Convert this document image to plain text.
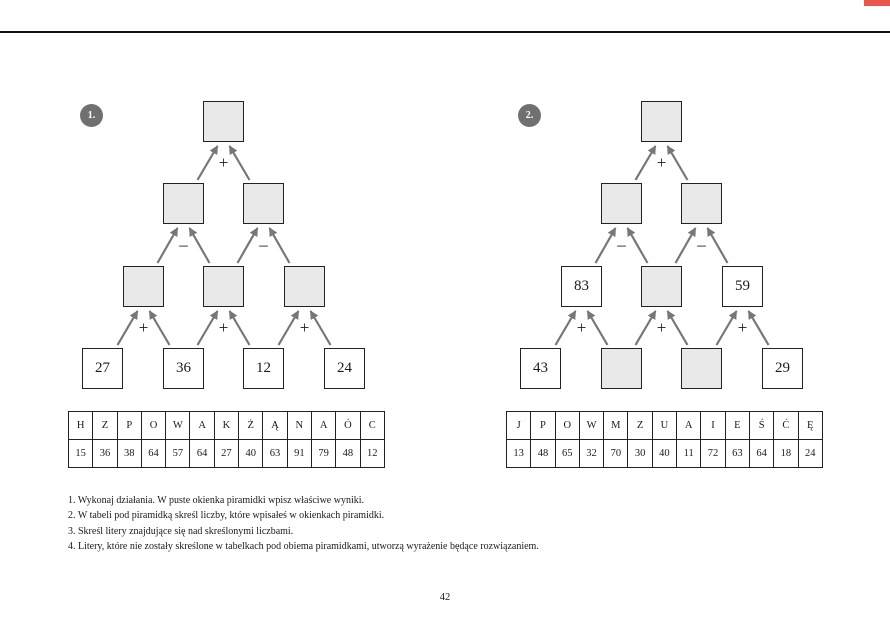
1.
27	36	12	24
+
–	–
+	+	+
H	Z	P	O	W	A	K	Ż	Ą	N	A	Ó	C
15	36	38	64	57	64	27	40	63	91	79	48	12
2.
83	59
43	29
+
–	–
+	+	+
J	P	O	W	M	Z	U	A	I	E	Ś	Ć	Ę
13	48	65	32	70	30	40	11	72	63	64	18	24

1. Wykonaj działania. W puste okienka piramidki wpisz właściwe wyniki.

2. W tabeli pod piramidką skreśl liczby, które wpisałeś w okienkach piramidki.

3. Skreśl litery znajdujące się nad skreślonymi liczbami.

4. Litery, które nie zostały skreślone w tabelkach pod obiema piramidkami, utworzą wyrażenie będące rozwiązaniem.

42
